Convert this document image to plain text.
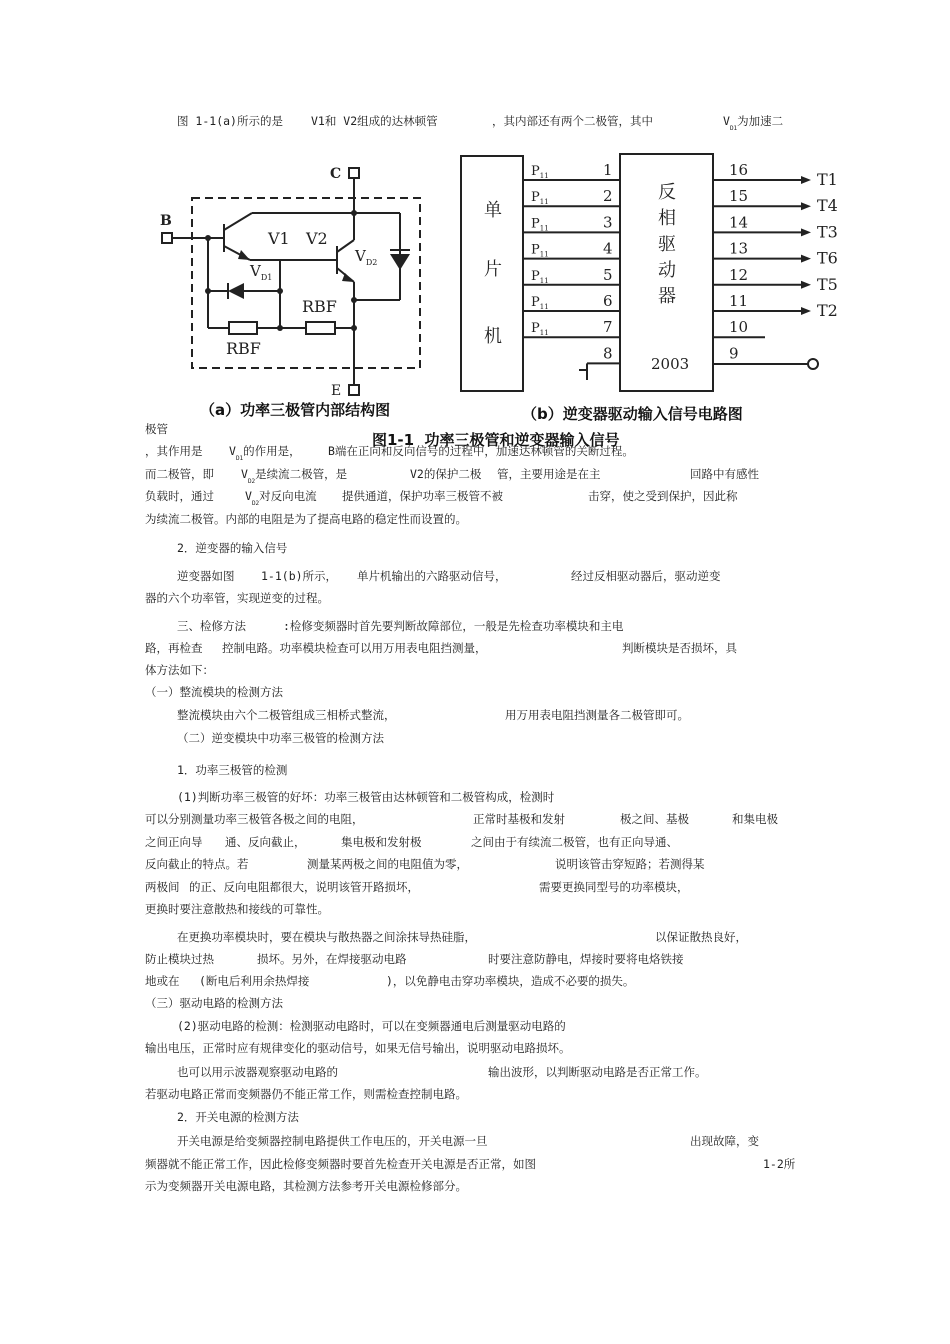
图 1-1(a)所示的是 V1和 V2组成的达林顿管	，其内部还有两个二极管，其中	$V_{D1}$为加速二
极管
，其作用是 $V_{D1}$的作用是， B端在正向和反向信号的过程中，加速达林顿管的关断过程。
而二极管，即 $V_{D2}$是续流二极管，是	V2的保护二极 管，主要用途是在主	回路中有感性
负载时，通过	$V_{D2}$对反向电流 提供通道，保护功率三极管不被	击穿，使之受到保护，因此称
为续流二极管。内部的电阻是为了提高电路的稳定性而设置的。
2．逆变器的输入信号
逆变器如图 1-1(b)所示， 单片机输出的六路驱动信号，	经过反相驱动器后，驱动逆变
器的六个功率管，实现逆变的过程。
三、检修方法	:检修变频器时首先要判断故障部位，一般是先检查功率模块和主电
路，再检查 控制电路。功率模块检查可以用万用表电阻挡测量，	判断模块是否损坏，具
体方法如下：
（一）整流模块的检测方法
整流模块由六个二极管组成三相桥式整流，	用万用表电阻挡测量各二极管即可。
（二）逆变模块中功率三极管的检测方法
1．功率三极管的检测
(1)判断功率三极管的好坏：功率三极管由达林顿管和二极管构成，检测时
可以分别测量功率三极管各极之间的电阻，	正常时基极和发射	极之间、基极	和集电极
之间正向导 通、反向截止，	集电极和发射极	之间由于有续流二极管，也有正向导通、
反向截止的特点。若	测量某两极之间的电阻值为零，	说明该管击穿短路；若测得某
两极间 的正、反向电阻都很大，说明该管开路损坏，	需要更换同型号的功率模块，
更换时要注意散热和接线的可靠性。
在更换功率模块时，要在模块与散热器之间涂抹导热硅脂，	以保证散热良好，
防止模块过热	损坏。另外，在焊接驱动电路	时要注意防静电，焊接时要将电烙铁接
地或在 (断电后利用余热焊接	)，以免静电击穿功率模块，造成不必要的损失。
（三）驱动电路的检测方法
(2)驱动电路的检测：检测驱动电路时，可以在变频器通电后测量驱动电路的
输出电压，正常时应有规律变化的驱动信号，如果无信号输出，说明驱动电路损坏。
也可以用示波器观察驱动电路的	输出波形，以判断驱动电路是否正常工作。
若驱动电路正常而变频器仍不能正常工作，则需检查控制电路。
2．开关电源的检测方法
开关电源是给变频器控制电路提供工作电压的，开关电源一旦	出现故障，变
频器就不能正常工作，因此检修变频器时要首先检查开关电源是否正常，如图	1-2所
示为变频器开关电源电路，其检测方法参考开关电源检修部分。
C
B
E
V1 V2
$V_{D1}$
$V_{D2}$
RBF
RBF
单
片
机
反
相
驱
动
器
$P_{11}$	1
$P_{11}$	2
$P_{11}$	3
$P_{11}$	4
$P_{11}$	5
$P_{11}$	6
$P_{11}$	7
8
16	T1
15	T4
14	T3
13	T6
12	T5
11	T2
10
9
2003
（a）功率三极管内部结构图	（b）逆变器驱动输入信号电路图
图1-1  功率三极管和逆变器输入信号
